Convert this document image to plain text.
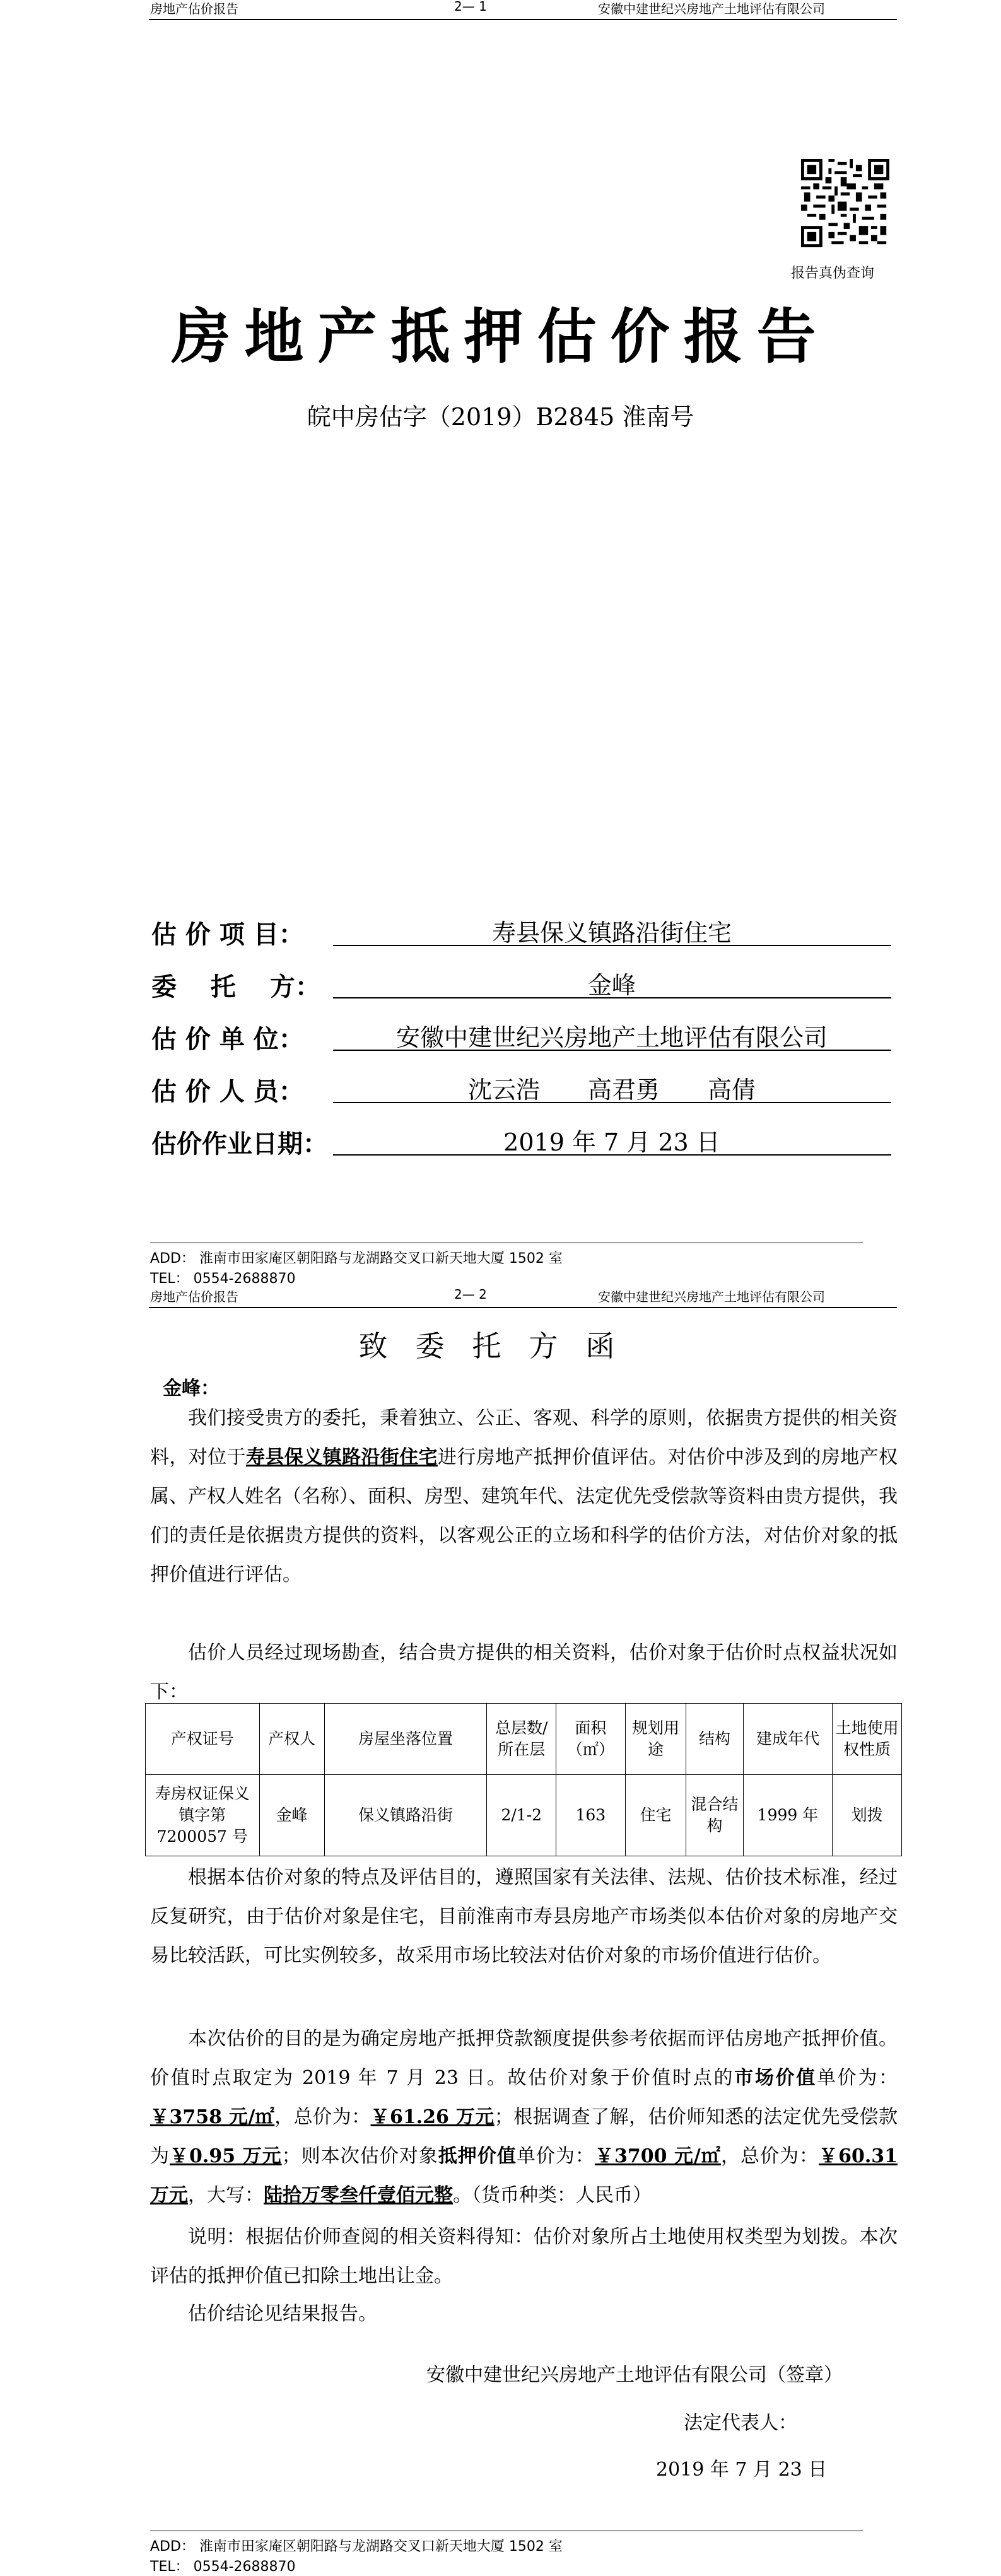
房地产估价报告	2— 1	安徽中建世纪兴房地产土地评估有限公司
报告真伪查询
房地产抵押估价报告
皖中房估字（2019）B2845 淮南号
估 价 项 目：	寿县保义镇路沿街住宅
委　 托　 方：	金峰
估 价 单 位：	安徽中建世纪兴房地产土地评估有限公司
估 价 人 员：	沈云浩　　高君勇　　高倩
估价作业日期：	2019 年 7 月 23 日
ADD： 淮南市田家庵区朝阳路与龙湖路交叉口新天地大厦 1502 室
TEL： 0554-2688870
房地产估价报告	2— 2	安徽中建世纪兴房地产土地评估有限公司
致委托方函
金峰：
我们接受贵方的委托，秉着独立、公正、客观、科学的原则，依据贵方提供的相关资料，对位于寿县保义镇路沿街住宅进行房地产抵押价值评估。对估价中涉及到的房地产权属、产权人姓名（名称）、面积、房型、建筑年代、法定优先受偿款等资料由贵方提供，我们的责任是依据贵方提供的资料，以客观公正的立场和科学的估价方法，对估价对象的抵押价值进行评估。
估价人员经过现场勘查，结合贵方提供的相关资料，估价对象于估价时点权益状况如下：
产权证号	产权人	房屋坐落位置	总层数/所在层	面积（㎡）	规划用途	结构	建成年代	土地使用权性质
寿房权证保义镇字第 7200057 号	金峰	保义镇路沿街	2/1-2	163	住宅	混合结构	1999 年	划拨
根据本估价对象的特点及评估目的，遵照国家有关法律、法规、估价技术标准，经过反复研究，由于估价对象是住宅，目前淮南市寿县房地产市场类似本估价对象的房地产交易比较活跃，可比实例较多，故采用市场比较法对估价对象的市场价值进行估价。
本次估价的目的是为确定房地产抵押贷款额度提供参考依据而评估房地产抵押价值。价值时点取定为 2019 年 7 月 23 日。故估价对象于价值时点的市场价值单价为：￥3758 元/㎡，总价为：￥61.26 万元；根据调查了解，估价师知悉的法定优先受偿款为￥0.95 万元；则本次估价对象抵押价值单价为：￥3700 元/㎡，总价为：￥60.31 万元，大写：陆拾万零叁仟壹佰元整。（货币种类：人民币）
说明：根据估价师查阅的相关资料得知：估价对象所占土地使用权类型为划拨。本次评估的抵押价值已扣除土地出让金。
估价结论见结果报告。
安徽中建世纪兴房地产土地评估有限公司（签章）
法定代表人：
2019 年 7 月 23 日
ADD： 淮南市田家庵区朝阳路与龙湖路交叉口新天地大厦 1502 室
TEL： 0554-2688870
